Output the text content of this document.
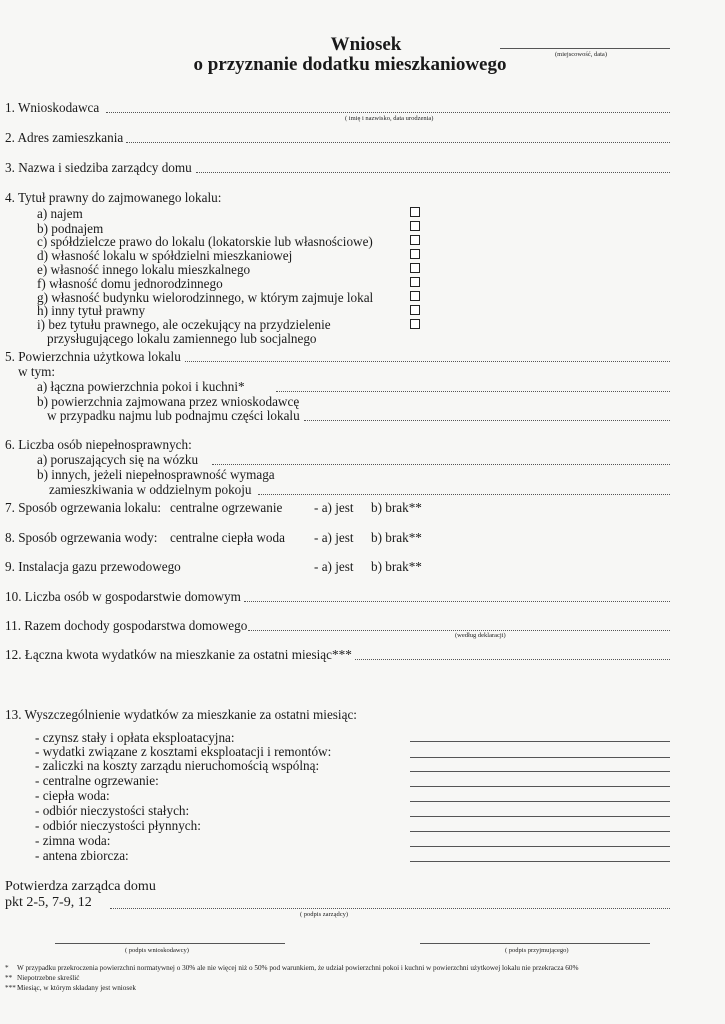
Wniosek
o przyznanie dodatku mieszkaniowego	(miejscowość, data)
1. Wnioskodawca
( imię i nazwisko, data urodzenia)
2. Adres zamieszkania
3. Nazwa i siedziba zarządcy domu
4. Tytuł prawny do zajmowanego lokalu:
a) najem
b) podnajem
c) spółdzielcze prawo do lokalu (lokatorskie lub własnościowe)
d) własność lokalu w spółdzielni mieszkaniowej
e) własność innego lokalu mieszkalnego
f) własność domu jednorodzinnego
g) własność budynku wielorodzinnego, w którym zajmuje lokal
h) inny tytuł prawny
i) bez tytułu prawnego, ale oczekujący na przydzielenie
przysługującego lokalu zamiennego lub socjalnego
5. Powierzchnia użytkowa lokalu
w tym:
a) łączna powierzchnia pokoi i kuchni*
b) powierzchnia zajmowana przez wnioskodawcę
w przypadku najmu lub podnajmu części lokalu
6. Liczba osób niepełnosprawnych:
a) poruszających się na wózku
b) innych, jeżeli niepełnosprawność wymaga
zamieszkiwania w oddzielnym pokoju
7. Sposób ogrzewania lokalu: centralne ogrzewanie - a) jest b) brak**
8. Sposób ogrzewania wody: centralne ciepła woda - a) jest b) brak**
9. Instalacja gazu przewodowego	- a) jest b) brak**
10. Liczba osób w gospodarstwie domowym
11. Razem dochody gospodarstwa domowego
(według deklaracji)
12. Łączna kwota wydatków na mieszkanie za ostatni miesiąc***
13. Wyszczególnienie wydatków za mieszkanie za ostatni miesiąc:
- czynsz stały i opłata eksploatacyjna:
- wydatki związane z kosztami eksploatacji i remontów:
- zaliczki na koszty zarządu nieruchomością wspólną:
- centralne ogrzewanie:
- ciepła woda:
- odbiór nieczystości stałych:
- odbiór nieczystości płynnych:
- zimna woda:
- antena zbiorcza:
Potwierdza zarządca domu
pkt 2-5, 7-9, 12
( podpis zarządcy)
( podpis wnioskodawcy)	( podpis przyjmującego)
* W przypadku przekroczenia powierzchni normatywnej o 30% ale nie więcej niż o 50% pod warunkiem, że udział powierzchni pokoi i kuchni w powierzchni użytkowej lokalu nie przekracza 60%
** Niepotrzebne skreślić
***Miesiąc, w którym składany jest wniosek
